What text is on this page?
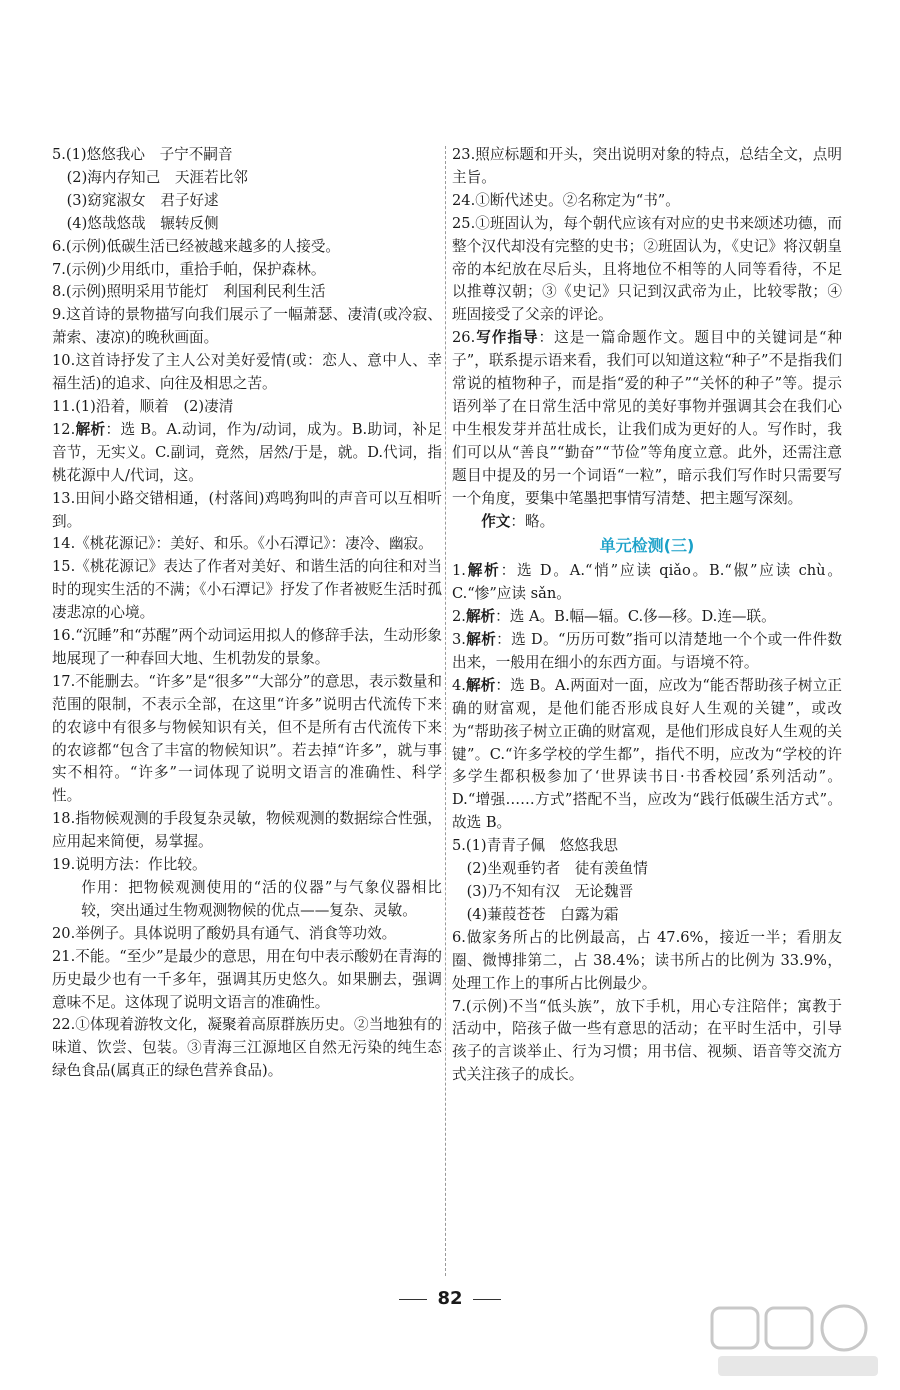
5.(1)悠悠我心　子宁不嗣音
(2)海内存知己　天涯若比邻
(3)窈窕淑女　君子好逑
(4)悠哉悠哉　辗转反侧
6.(示例)低碳生活已经被越来越多的人接受。
7.(示例)少用纸巾，重拾手帕，保护森林。
8.(示例)照明采用节能灯　利国利民利生活
9.这首诗的景物描写向我们展示了一幅萧瑟、凄清(或冷寂、萧索、凄凉)的晚秋画面。
10.这首诗抒发了主人公对美好爱情(或：恋人、意中人、幸福生活)的追求、向往及相思之苦。
11.(1)沿着，顺着　(2)凄清
12.解析：选 B。A.动词，作为/动词，成为。B.助词，补足音节，无实义。C.副词，竟然，居然/于是，就。D.代词，指桃花源中人/代词，这。
13.田间小路交错相通，(村落间)鸡鸣狗叫的声音可以互相听到。
14.《桃花源记》：美好、和乐。《小石潭记》：凄冷、幽寂。
15.《桃花源记》表达了作者对美好、和谐生活的向往和对当时的现实生活的不满；《小石潭记》抒发了作者被贬生活时孤凄悲凉的心境。
16.“沉睡”和“苏醒”两个动词运用拟人的修辞手法，生动形象地展现了一种春回大地、生机勃发的景象。
17.不能删去。“许多”是“很多”“大部分”的意思，表示数量和范围的限制，不表示全部，在这里“许多”说明古代流传下来的农谚中有很多与物候知识有关，但不是所有古代流传下来的农谚都“包含了丰富的物候知识”。若去掉“许多”，就与事实不相符。“许多”一词体现了说明文语言的准确性、科学性。
18.指物候观测的手段复杂灵敏，物候观测的数据综合性强，应用起来简便，易掌握。
19.说明方法：作比较。
作用：把物候观测使用的“活的仪器”与气象仪器相比较，突出通过生物观测物候的优点——复杂、灵敏。
20.举例子。具体说明了酸奶具有通气、消食等功效。
21.不能。“至少”是最少的意思，用在句中表示酸奶在青海的历史最少也有一千多年，强调其历史悠久。如果删去，强调意味不足。这体现了说明文语言的准确性。
22.①体现着游牧文化，凝聚着高原群族历史。②当地独有的味道、饮尝、包装。③青海三江源地区自然无污染的纯生态绿色食品(属真正的绿色营养食品)。
23.照应标题和开头，突出说明对象的特点，总结全文，点明主旨。
24.①断代述史。②名称定为“书”。
25.①班固认为，每个朝代应该有对应的史书来颂述功德，而整个汉代却没有完整的史书；②班固认为，《史记》将汉朝皇帝的本纪放在尽后头，且将地位不相等的人同等看待，不足以推尊汉朝；③《史记》只记到汉武帝为止，比较零散；④班固接受了父亲的评论。
26.写作指导：这是一篇命题作文。题目中的关键词是“种子”，联系提示语来看，我们可以知道这粒“种子”不是指我们常说的植物种子，而是指“爱的种子”“关怀的种子”等。提示语列举了在日常生活中常见的美好事物并强调其会在我们心中生根发芽并茁壮成长，让我们成为更好的人。写作时，我们可以从“善良”“勤奋”“节俭”等角度立意。此外，还需注意题目中提及的另一个词语“一粒”，暗示我们写作时只需要写一个角度，要集中笔墨把事情写清楚、把主题写深刻。
作文：略。
单元检测(三)
1.解析：选 D。A.“悄”应读 qiǎo。B.“俶”应读 chù。C.“惨”应读 sǎn。
2.解析：选 A。B.幅—辐。C.侈—移。D.连—联。
3.解析：选 D。“历历可数”指可以清楚地一个个或一件件数出来，一般用在细小的东西方面。与语境不符。
4.解析：选 B。A.两面对一面，应改为“能否帮助孩子树立正确的财富观，是他们能否形成良好人生观的关键”，或改为“帮助孩子树立正确的财富观，是他们形成良好人生观的关键”。C.“许多学校的学生都”，指代不明，应改为“学校的许多学生都积极参加了‘世界读书日·书香校园’系列活动”。D.“增强……方式”搭配不当，应改为“践行低碳生活方式”。故选 B。
5.(1)青青子佩　悠悠我思
(2)坐观垂钓者　徒有羡鱼情
(3)乃不知有汉　无论魏晋
(4)蒹葭苍苍　白露为霜
6.做家务所占的比例最高，占 47.6%，接近一半；看朋友圈、微博排第二，占 38.4%；读书所占的比例为 33.9%，处理工作上的事所占比例最少。
7.(示例)不当“低头族”，放下手机，用心专注陪伴；寓教于活动中，陪孩子做一些有意思的活动；在平时生活中，引导孩子的言谈举止、行为习惯；用书信、视频、语音等交流方式关注孩子的成长。
82
